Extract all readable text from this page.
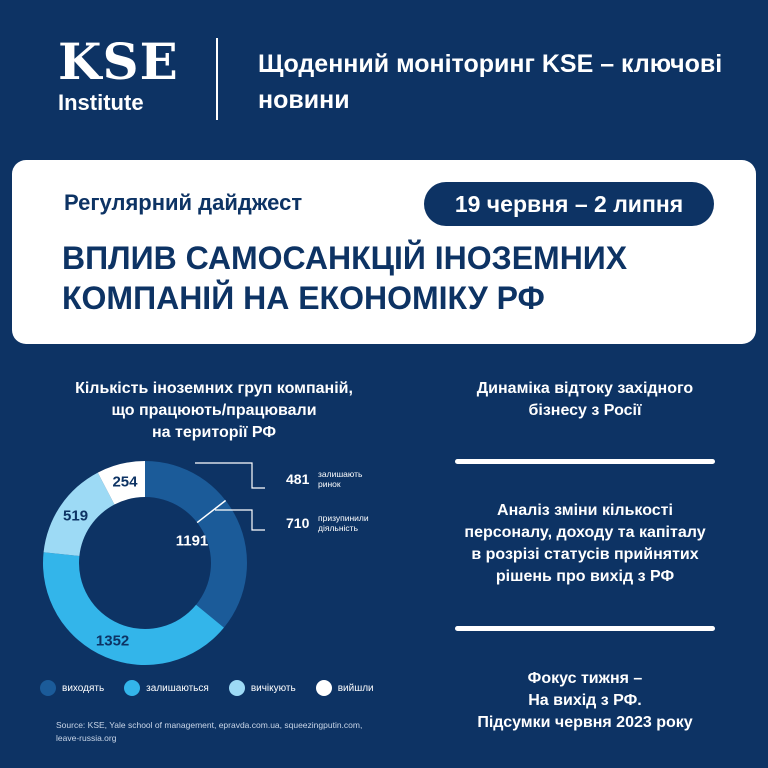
KSE
Institute
Щоденний моніторинг KSE – ключові новини
Регулярний дайджест	19 червня – 2 липня
ВПЛИВ САМОСАНКЦІЙ ІНОЗЕМНИХ
КОМПАНІЙ НА ЕКОНОМІКУ РФ
Кількість іноземних груп компаній,
що працюють/працювали
на території РФ
1191
1352
519
254	481 залишають
ринок
710 призупинили
діяльність
виходять	залишаються	вичікують	вийшли
Source: KSE, Yale school of management, epravda.com.ua, squeezingputin.com,
leave-russia.org
Динаміка відтоку західного
бізнесу з Росії
Аналіз зміни кількості
персоналу, доходу та капіталу
в розрізі статусів прийнятих
рішень про вихід з РФ
Фокус тижня –
На вихід з РФ.
Підсумки червня 2023 року
